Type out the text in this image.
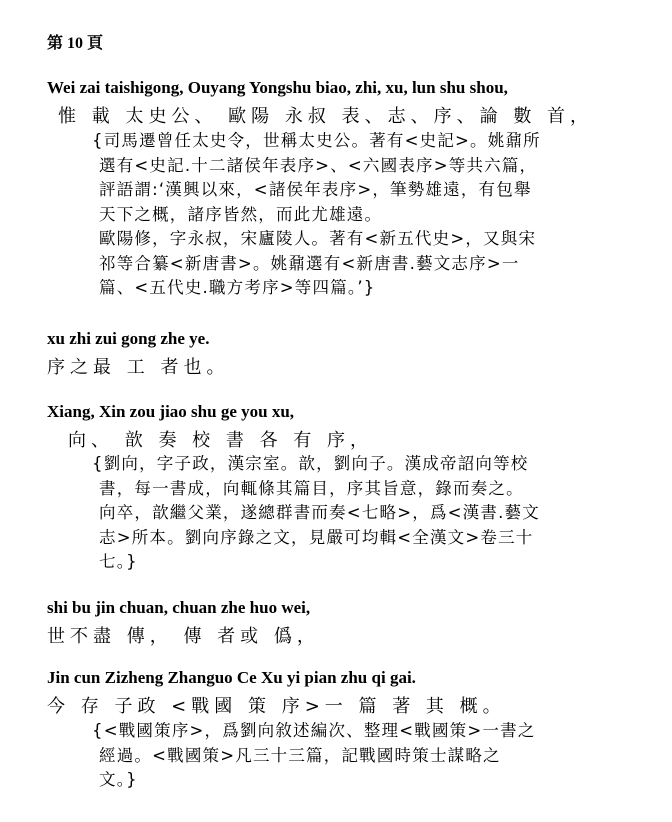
第 10 頁
Wei zai taishigong, Ouyang Yongshu biao, zhi, xu, lun shu shou,
惟 載 太史公、 歐陽 永叔 表、志、序、論 數 首，

{司馬遷曾任太史令，世稱太史公。著有<史記>。姚鼐所

選有<史記.十二諸侯年表序>、<六國表序>等共六篇，

評語謂:‘漢興以來，<諸侯年表序>，筆勢雄遠，有包舉

天下之概，諸序皆然，而此尤雄遠。

歐陽修，字永叔，宋廬陵人。著有<新五代史>，又與宋

祁等合纂<新唐書>。姚鼐選有<新唐書.藝文志序>一

篇、<五代史.職方考序>等四篇。’}

xu zhi zui gong zhe ye.
序之最 工 者也。
Xiang, Xin zou jiao shu ge you xu,
向、 歆 奏 校 書 各 有 序，

{劉向，字子政，漢宗室。歆，劉向子。漢成帝詔向等校

書，每一書成，向輒條其篇目，序其旨意，錄而奏之。

向卒，歆繼父業，遂總群書而奏<七略>，爲<漢書.藝文

志>所本。劉向序錄之文，見嚴可均輯<全漢文>卷三十

七。}

shi bu jin chuan, chuan zhe huo wei,
世不盡 傳， 傳 者或 僞，
Jin cun Zizheng Zhanguo Ce Xu yi pian zhu qi gai.
今 存 子政 <戰國 策 序>一 篇 著 其 概。

{<戰國策序>，爲劉向敘述編次、整理<戰國策>一書之

經過。<戰國策>凡三十三篇，記戰國時策士謀略之

文。}
